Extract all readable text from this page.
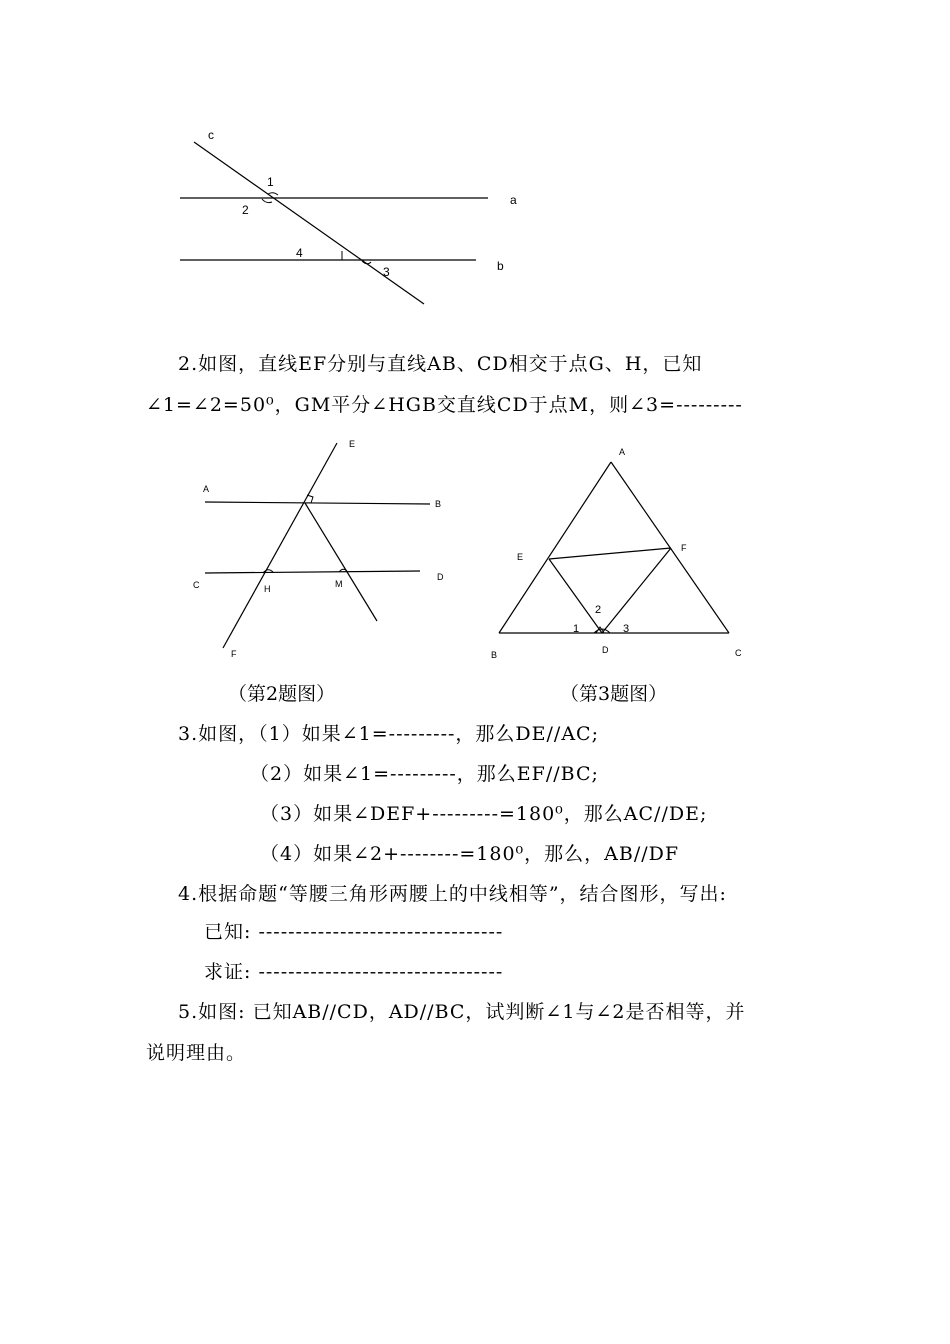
c
1
2
a
4
3	b
2.如图，直线EF分别与直线AB、CD相交于点G、H，已知
∠1=∠2=50⁰，GM平分∠HGB交直线CD于点M，则∠3=---------
E
A
B
C	H	M
D
F
A
E
F
2
1	3
B	D	C
（第2题图）	（第3题图）
3.如图，（1）如果∠1=---------，那么DE//AC;
（2）如果∠1=---------，那么EF//BC;
（3）如果∠DEF+---------=180⁰，那么AC//DE;
（4）如果∠2+--------=180⁰，那么，AB//DF
4.根据命题“等腰三角形两腰上的中线相等”，结合图形，写出:
已知: ---------------------------------
求证: ---------------------------------
5.如图: 已知AB//CD，AD//BC，试判断∠1与∠2是否相等，并
说明理由。
